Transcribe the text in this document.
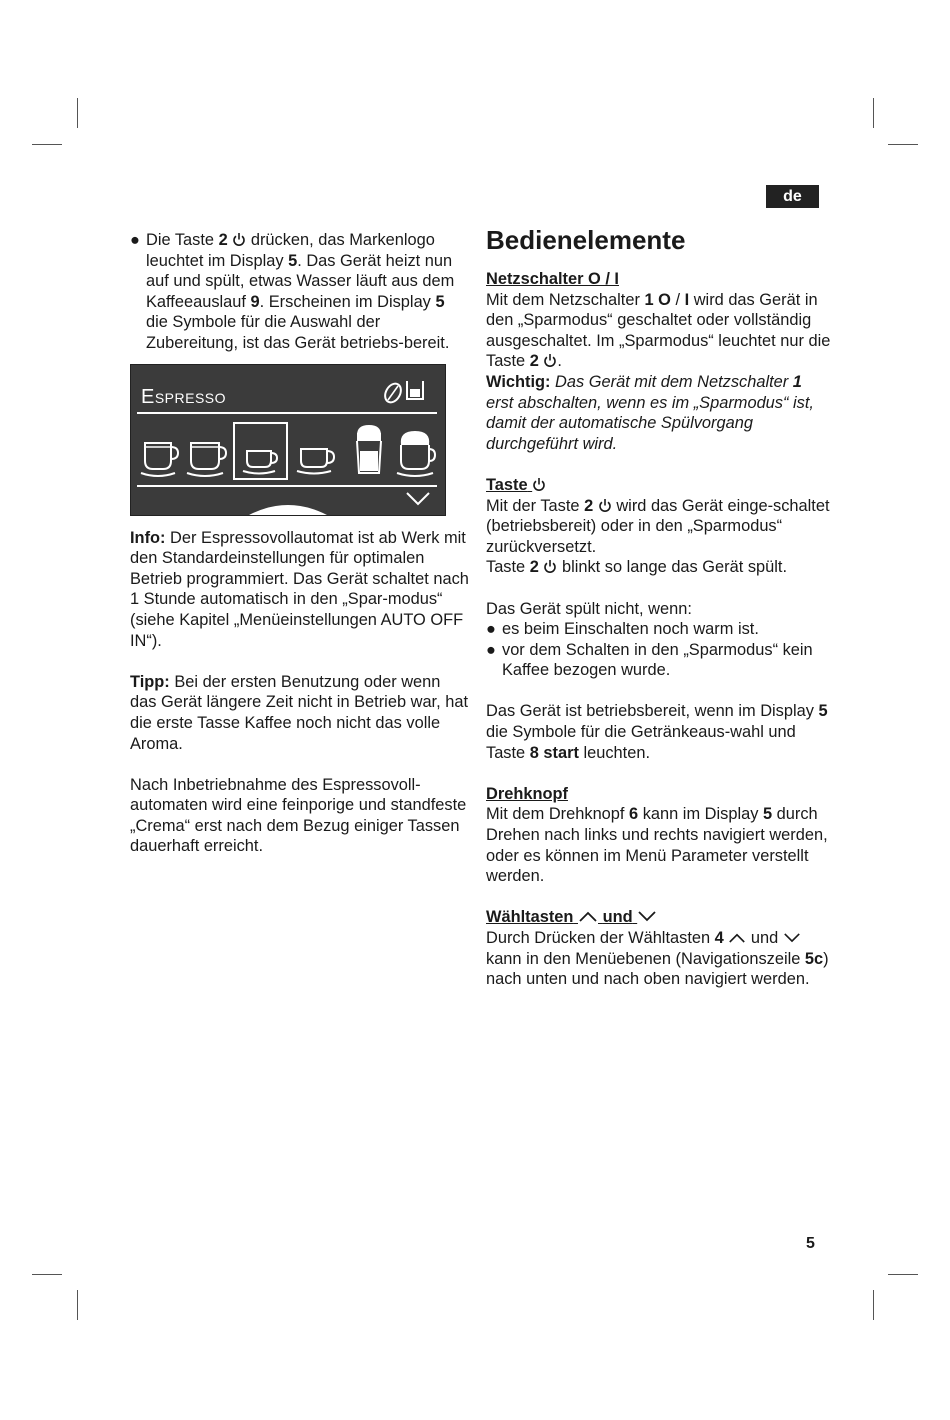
de
5

● Die Taste 2  drücken, das Markenlogo leuchtet im Display 5. Das Gerät heizt nun auf und spült, etwas Wasser läuft aus dem Kaffeeauslauf 9. Erscheinen im Display 5 die Symbole für die Auswahl der Zubereitung, ist das Gerät betriebs-bereit.

Espresso

Info: Der Espressovollautomat ist ab Werk mit den Standardeinstellungen für optimalen Betrieb programmiert. Das Gerät schaltet nach 1 Stunde automatisch in den „Spar-modus“ (siehe Kapitel „Menüeinstellungen AUTO OFF IN“).

Tipp: Bei der ersten Benutzung oder wenn das Gerät längere Zeit nicht in Betrieb war, hat die erste Tasse Kaffee noch nicht das volle Aroma.

Nach Inbetriebnahme des Espressovoll-automaten wird eine feinporige und standfeste „Crema“ erst nach dem Bezug einiger Tassen dauerhaft erreicht.

Bedienelemente

Netzschalter O / I

Mit dem Netzschalter 1 O / I wird das Gerät in den „Sparmodus“ geschaltet oder vollständig ausgeschaltet. Im „Sparmodus“ leuchtet nur die Taste 2 .

Wichtig: Das Gerät mit dem Netzschalter 1 erst abschalten, wenn es im „Sparmodus“ ist, damit der automatische Spülvorgang durchgeführt wird.

Taste

Mit der Taste 2  wird das Gerät einge-schaltet (betriebsbereit) oder in den „Sparmodus“ zurückversetzt.

Taste 2  blinkt so lange das Gerät spült.

Das Gerät spült nicht, wenn:

● es beim Einschalten noch warm ist.

● vor dem Schalten in den „Sparmodus“ kein Kaffee bezogen wurde.

Das Gerät ist betriebsbereit, wenn im Display 5 die Symbole für die Getränkeaus-wahl und Taste 8 start leuchten.

Drehknopf

Mit dem Drehknopf 6 kann im Display 5 durch Drehen nach links und rechts navigiert werden, oder es können im Menü Parameter verstellt werden.

Wähltasten und

Durch Drücken der Wähltasten 4  und  kann in den Menüebenen (Navigationszeile 5c) nach unten und nach oben navigiert werden.
